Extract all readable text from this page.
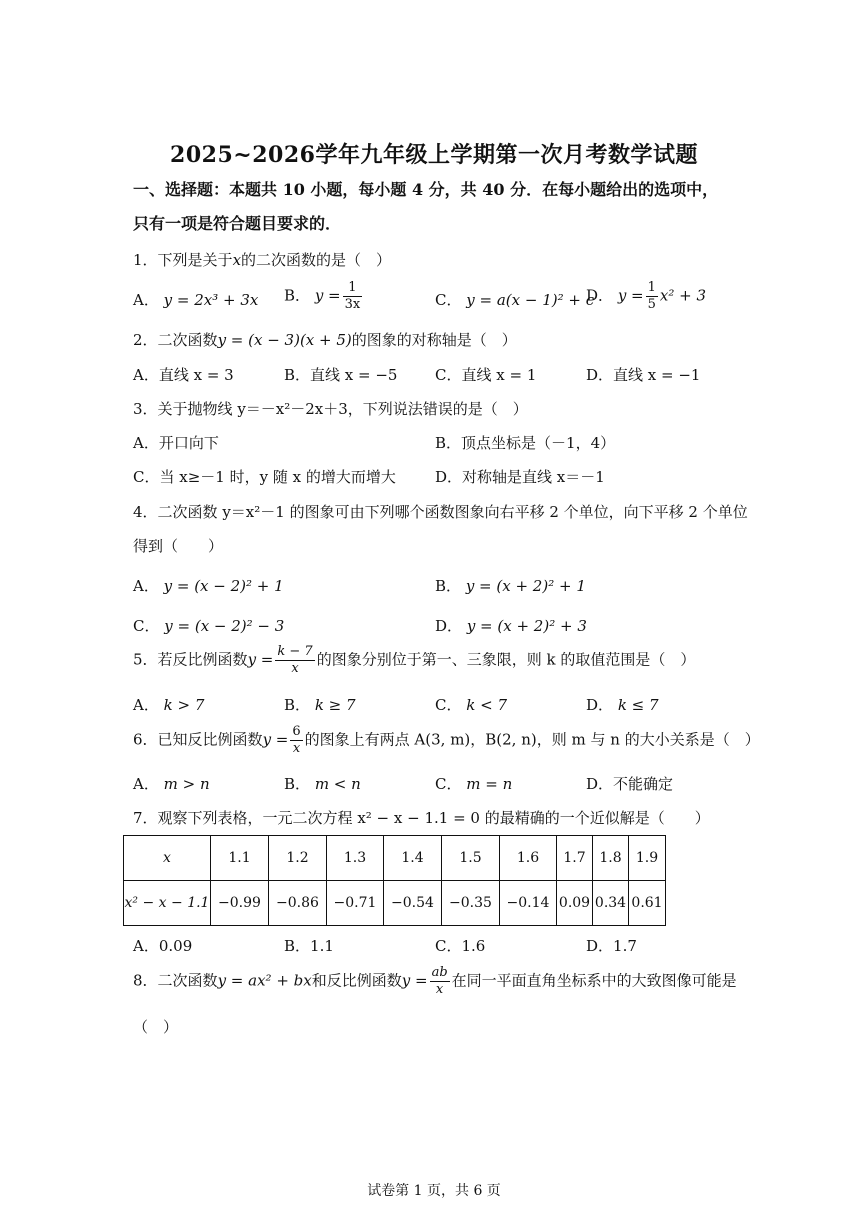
2025~2026学年九年级上学期第一次月考数学试题
一、选择题：本题共 10 小题，每小题 4 分，共 40 分．在每小题给出的选项中，
只有一项是符合题目要求的．
1．下列是关于x的二次函数的是（　）
A． y = 2x³ + 3x B． $y = \frac{1}{3x}$	C． y = a(x − 1)² + c
D． $y = \frac{1}{5} x^2 + 3$
2．二次函数y = (x − 3)(x + 5)的图象的对称轴是（　）
A．直线 x = 3	B．直线 x = −5	C．直线 x = 1	D．直线 x = −1
3．关于抛物线 y＝－x²－2x＋3，下列说法错误的是（　）
A．开口向下	B．顶点坐标是（－1，4）
C．当 x≥－1 时，y 随 x 的增大而增大	D．对称轴是直线 x＝－1
4．二次函数 y＝x²－1 的图象可由下列哪个函数图象向右平移 2 个单位，向下平移 2 个单位
得到（　　）
A． y = (x − 2)² + 1	B． y = (x + 2)² + 1
C． y = (x − 2)² − 3	D． y = (x + 2)² + 3
5．若反比例函数$y = \frac{k - 7}{x}$ 的图象分别位于第一、三象限，则 k 的取值范围是（　）
A． k > 7	B． k ≥ 7	C． k < 7	D． k ≤ 7
6．已知反比例函数$y = \frac{6}{x}$ 的图象上有两点 A(3, m)，B(2, n)，则 m 与 n 的大小关系是（　）
A． m > n	B． m < n	C． m = n	D．不能确定
7．观察下列表格，一元二次方程 x² − x − 1.1 = 0 的最精确的一个近似解是（　　）
x	1.1	1.2	1.3	1.4	1.5	1.6	1.7	1.8	1.9
x² − x − 1.1	−0.99	−0.86	−0.71	−0.54	−0.35	−0.14	0.09	0.34	0.61
A．0.09	B．1.1	C．1.6	D．1.7
8．二次函数y = ax² + bx和反比例函数$y = \frac{ab}{x}$ 在同一平面直角坐标系中的大致图像可能是
（　）
试卷第 1 页，共 6 页
